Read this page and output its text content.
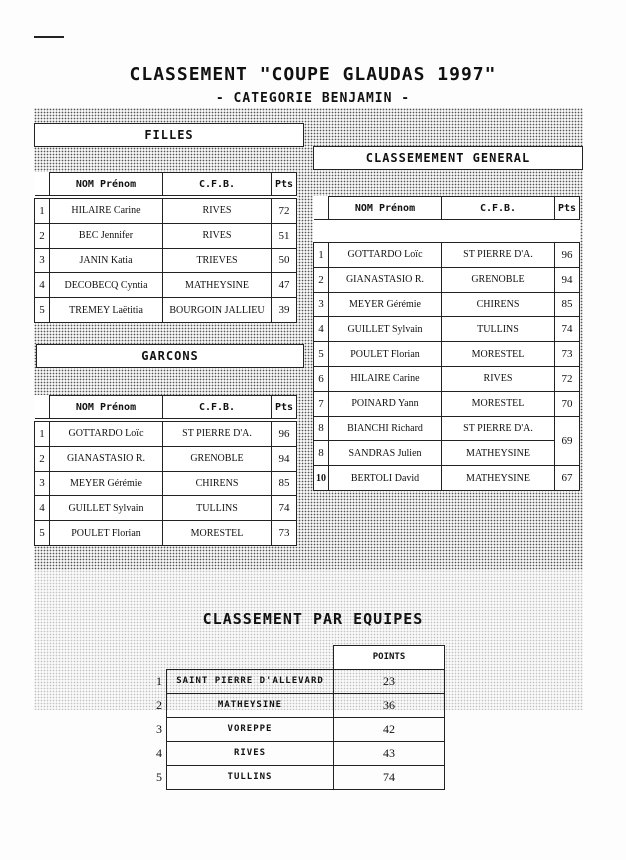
CLASSEMENT "COUPE GLAUDAS 1997"
- CATEGORIE BENJAMIN -
FILLES
CLASSEMEMENT GENERAL
GARCONS
	NOM Prénom	C.F.B.	Pts

1	HILAIRE Carine	RIVES	72
2	BEC Jennifer	RIVES	51
3	JANIN Katia	TRIEVES	50
4	DECOBECQ Cyntia	MATHEYSINE	47
5	TREMEY Laëtitia	BOURGOIN JALLIEU	39
	NOM Prénom	C.F.B.	Pts

1	GOTTARDO Loïc	ST PIERRE D'A.	96
2	GIANASTASIO R.	GRENOBLE	94
3	MEYER Gérémie	CHIRENS	85
4	GUILLET Sylvain	TULLINS	74
5	POULET Florian	MORESTEL	73
	NOM Prénom	C.F.B.	Pts

1	GOTTARDO Loïc	ST PIERRE D'A.	96
2	GIANASTASIO R.	GRENOBLE	94
3	MEYER Gérémie	CHIRENS	85
4	GUILLET Sylvain	TULLINS	74
5	POULET Florian	MORESTEL	73
6	HILAIRE Carine	RIVES	72
7	POINARD Yann	MORESTEL	70
8	BIANCHI Richard	ST PIERRE D'A.	69
8	SANDRAS Julien	MATHEYSINE	
10	BERTOLI David	MATHEYSINE	67
CLASSEMENT PAR EQUIPES
		POINTS
1	SAINT PIERRE D'ALLEVARD	23
2	MATHEYSINE	36
3	VOREPPE	42
4	RIVES	43
5	TULLINS	74
